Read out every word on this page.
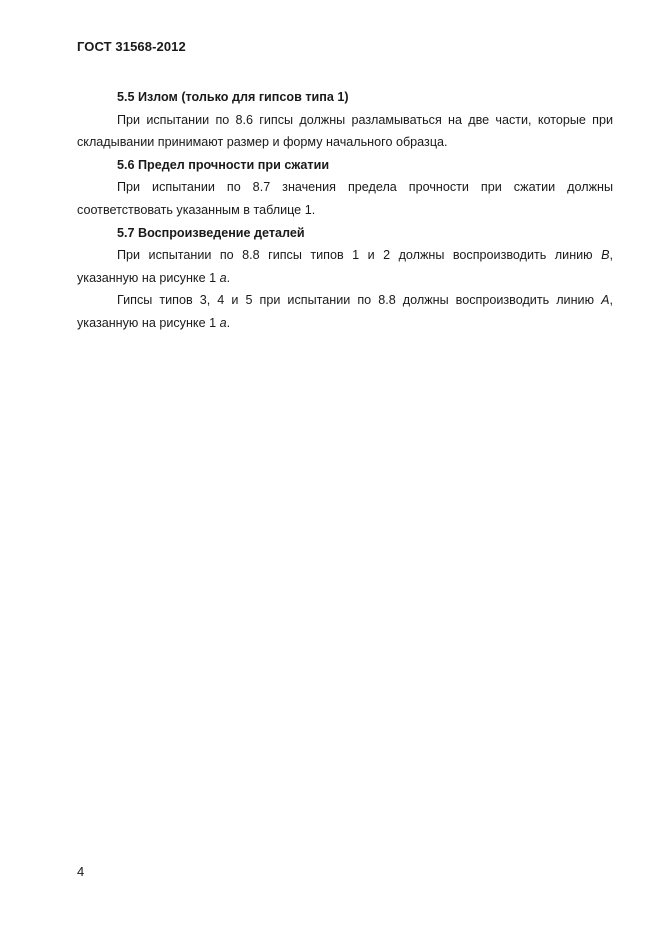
ГОСТ 31568-2012

5.5 Излом (только для гипсов типа 1)

При испытании по 8.6 гипсы должны разламываться на две части, которые при складывании принимают размер и форму начального образца.

5.6 Предел прочности при сжатии

При испытании по 8.7 значения предела прочности при сжатии должны соответствовать указанным в таблице 1.

5.7 Воспроизведение деталей

При испытании по 8.8 гипсы типов 1 и 2 должны воспроизводить линию В, указанную на рисунке 1 а.

Гипсы типов 3, 4 и 5 при испытании по 8.8 должны воспроизводить линию А, указанную на рисунке 1 а.

4
